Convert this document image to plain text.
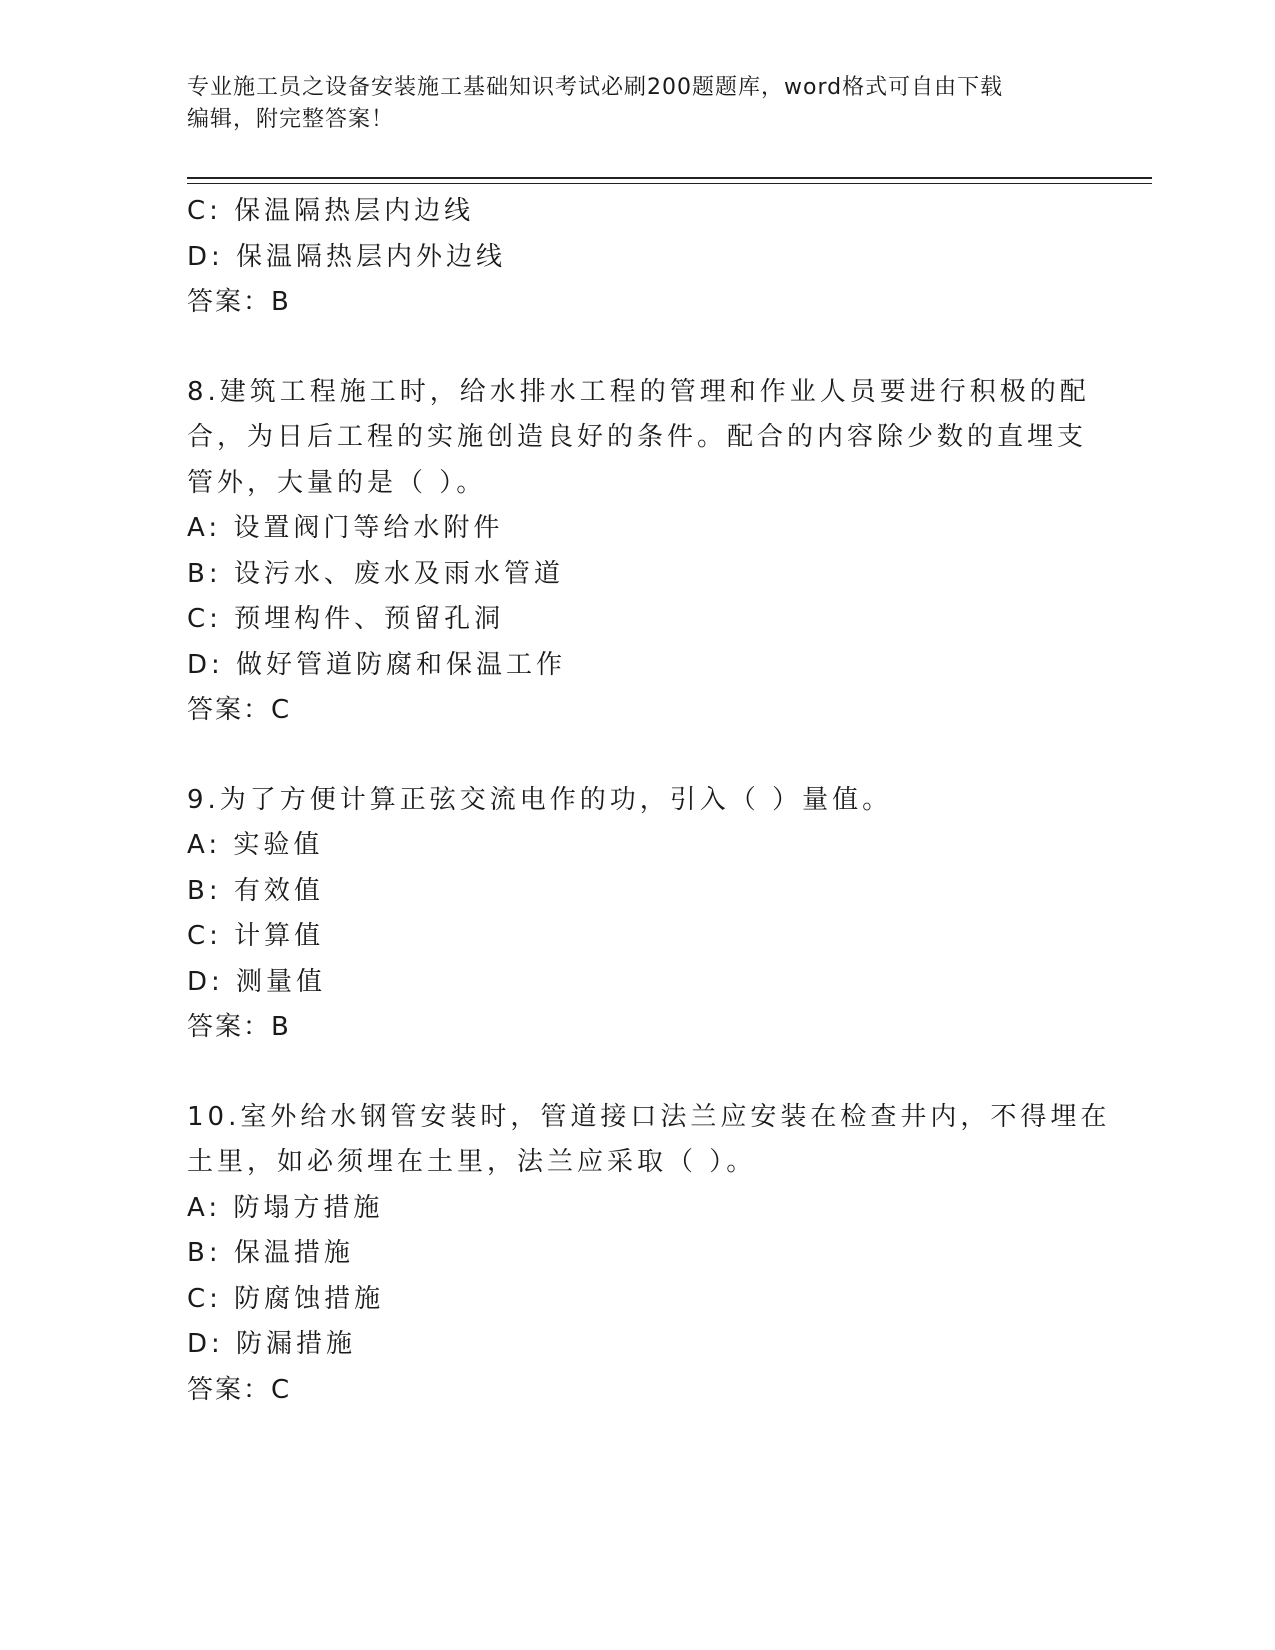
专业施工员之设备安装施工基础知识考试必刷200题题库，word格式可自由下载
编辑，附完整答案！
C: 保温隔热层内边线
D: 保温隔热层内外边线
答案：B
8.建筑工程施工时，给水排水工程的管理和作业人员要进行积极的配
合，为日后工程的实施创造良好的条件。配合的内容除少数的直埋支
管外，大量的是（ ）。
A: 设置阀门等给水附件
B: 设污水、废水及雨水管道
C: 预埋构件、预留孔洞
D: 做好管道防腐和保温工作
答案：C
9.为了方便计算正弦交流电作的功，引入（ ）量值。
A: 实验值
B: 有效值
C: 计算值
D: 测量值
答案：B
10.室外给水钢管安装时，管道接口法兰应安装在检查井内，不得埋在
土里，如必须埋在土里，法兰应采取（ ）。
A: 防塌方措施
B: 保温措施
C: 防腐蚀措施
D: 防漏措施
答案：C
